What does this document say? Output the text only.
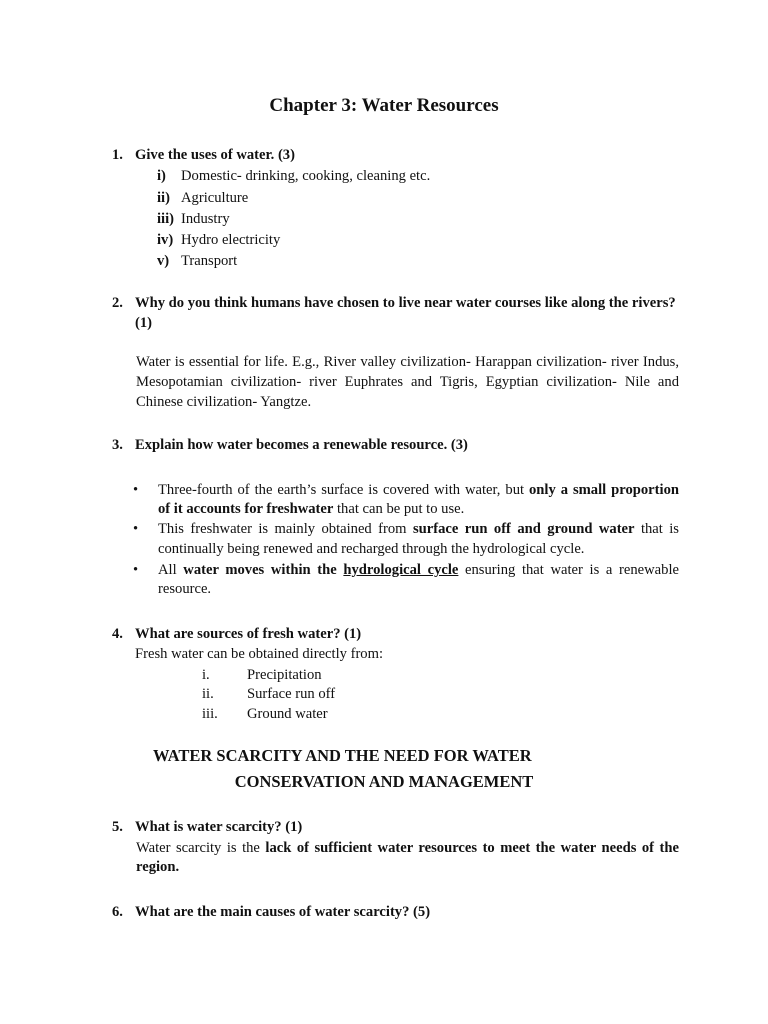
Chapter 3: Water Resources
1. Give the uses of water. (3)
i) Domestic- drinking, cooking, cleaning etc.
ii) Agriculture
iii) Industry
iv) Hydro electricity
v) Transport
2. Why do you think humans have chosen to live near water courses like along the rivers?
(1)
Water is essential for life. E.g., River valley civilization- Harappan civilization- river Indus,
Mesopotamian civilization- river Euphrates and Tigris, Egyptian civilization- Nile and
Chinese civilization- Yangtze.
3. Explain how water becomes a renewable resource. (3)
• Three-fourth of the earth’s surface is covered with water, but only a small proportion
of it accounts for freshwater that can be put to use.
• This freshwater is mainly obtained from surface run off and ground water that is
continually being renewed and recharged through the hydrological cycle.
• All water moves within the hydrological cycle ensuring that water is a renewable
resource.
4. What are sources of fresh water? (1)
Fresh water can be obtained directly from:
i.	Precipitation
ii. Surface run off
iii. Ground water
WATER SCARCITY AND THE NEED FOR WATER
CONSERVATION AND MANAGEMENT
5. What is water scarcity? (1)
Water scarcity is the lack of sufficient water resources to meet the water needs of the
region.
6. What are the main causes of water scarcity? (5)
